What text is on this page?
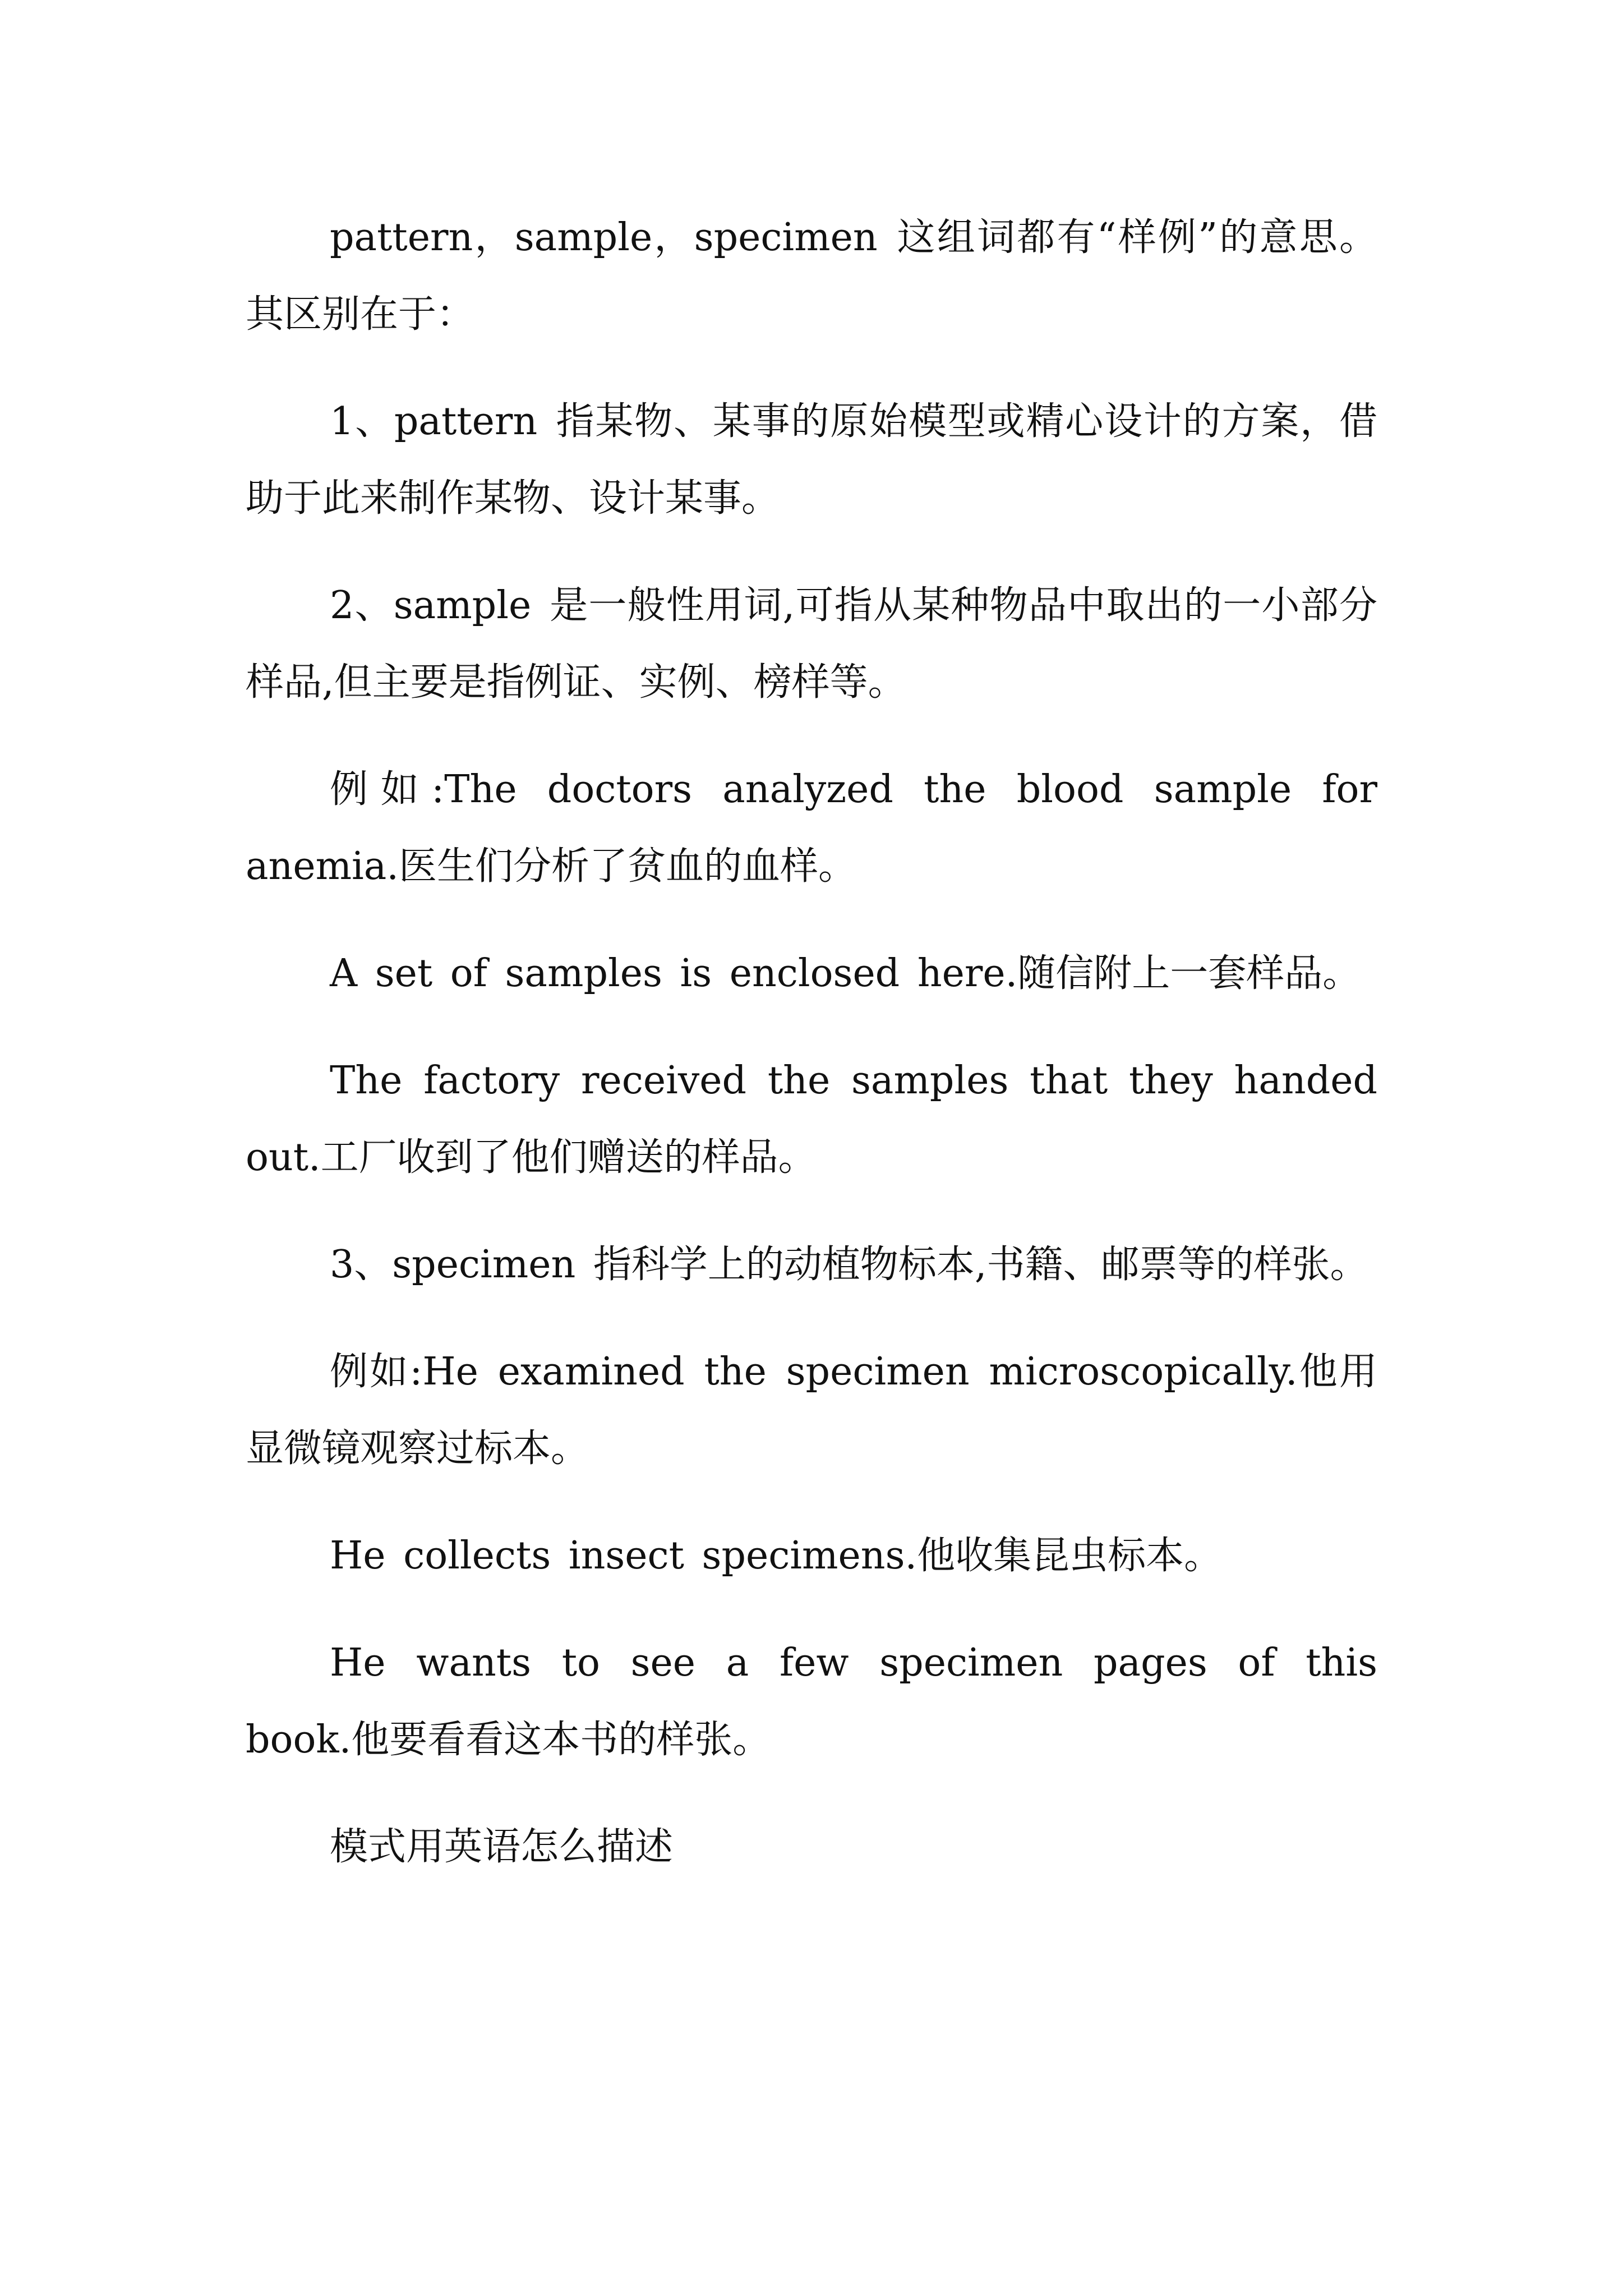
pattern，sample，specimen 这组词都有“样例”的意思。其区别在于：

1、pattern 指某物、某事的原始模型或精心设计的方案，借助于此来制作某物、设计某事。

2、sample 是一般性用词,可指从某种物品中取出的一小部分样品,但主要是指例证、实例、榜样等。

例如:The doctors analyzed the blood sample for anemia.医生们分析了贫血的血样。

A set of samples is enclosed here.随信附上一套样品。

The factory received the samples that they handed out.工厂收到了他们赠送的样品。

3、specimen 指科学上的动植物标本,书籍、邮票等的样张。

例如:He examined the specimen microscopically.他用显微镜观察过标本。

He collects insect specimens.他收集昆虫标本。

He wants to see a few specimen pages of this book.他要看看这本书的样张。

模式用英语怎么描述
